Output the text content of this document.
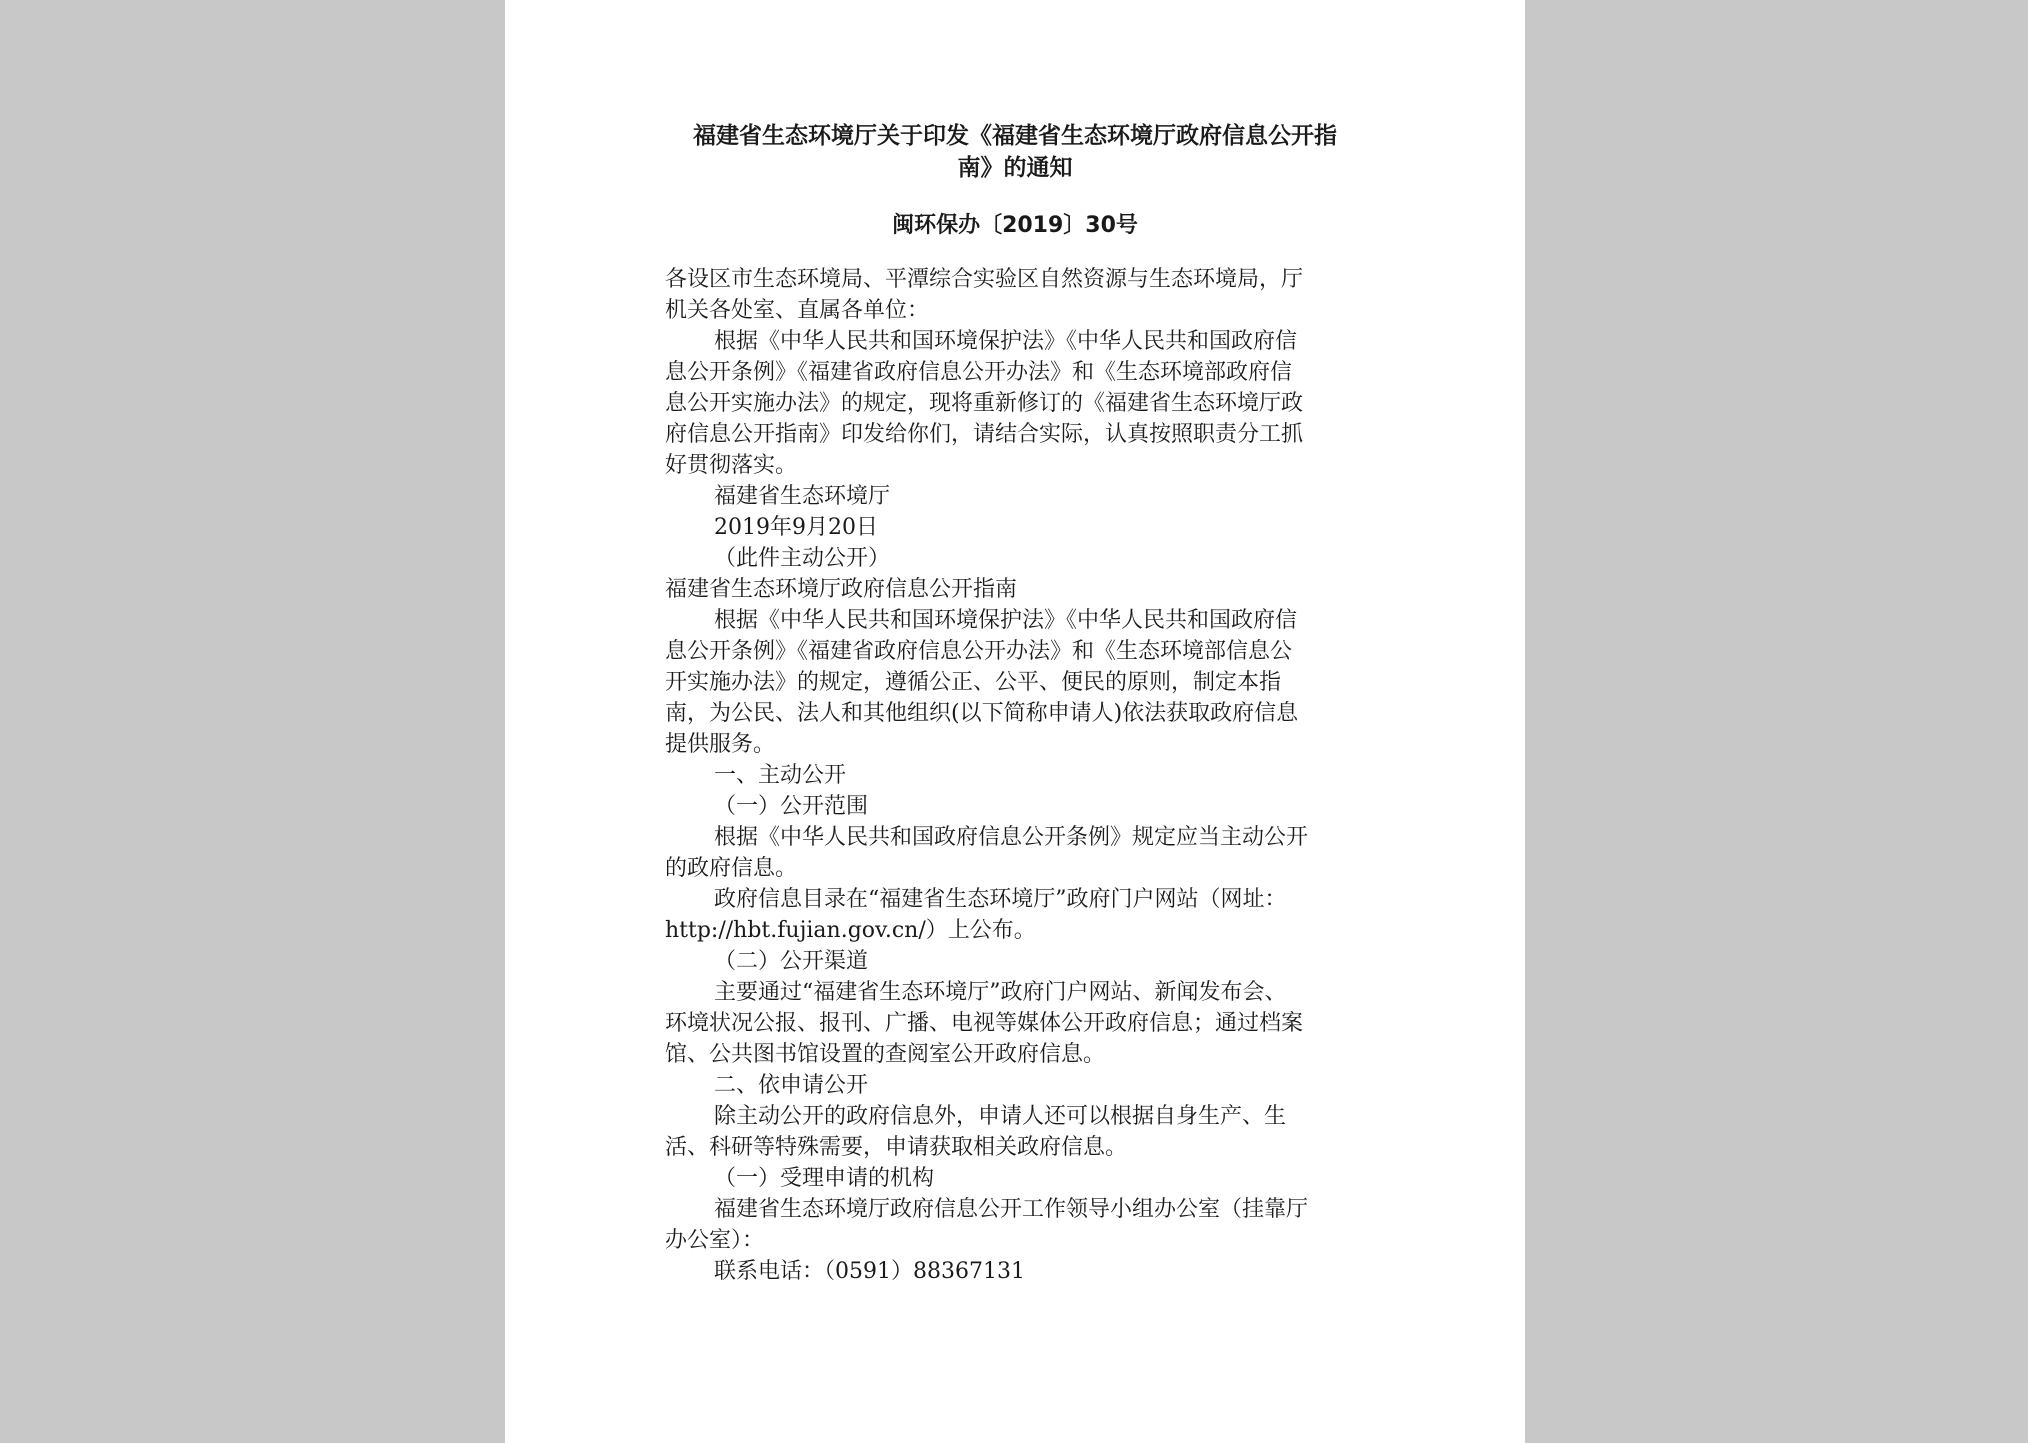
福建省生态环境厅关于印发《福建省生态环境厅政府信息公开指
南》的通知
闽环保办〔2019〕30号
各设区市生态环境局、平潭综合实验区自然资源与生态环境局，厅
机关各处室、直属各单位：
根据《中华人民共和国环境保护法》《中华人民共和国政府信
息公开条例》《福建省政府信息公开办法》和《生态环境部政府信
息公开实施办法》的规定，现将重新修订的《福建省生态环境厅政
府信息公开指南》印发给你们，请结合实际，认真按照职责分工抓
好贯彻落实。
福建省生态环境厅
2019年9月20日
（此件主动公开）
福建省生态环境厅政府信息公开指南
根据《中华人民共和国环境保护法》《中华人民共和国政府信
息公开条例》《福建省政府信息公开办法》和《生态环境部信息公
开实施办法》的规定，遵循公正、公平、便民的原则，制定本指
南，为公民、法人和其他组织(以下简称申请人)依法获取政府信息
提供服务。
一、主动公开
（一）公开范围
根据《中华人民共和国政府信息公开条例》规定应当主动公开
的政府信息。
政府信息目录在“福建省生态环境厅”政府门户网站（网址：
http://hbt.fujian.gov.cn/）上公布。
（二）公开渠道
主要通过“福建省生态环境厅”政府门户网站、新闻发布会、
环境状况公报、报刊、广播、电视等媒体公开政府信息；通过档案
馆、公共图书馆设置的查阅室公开政府信息。
二、依申请公开
除主动公开的政府信息外，申请人还可以根据自身生产、生
活、科研等特殊需要，申请获取相关政府信息。
（一）受理申请的机构
福建省生态环境厅政府信息公开工作领导小组办公室（挂靠厅
办公室）：
联系电话：（0591）88367131
